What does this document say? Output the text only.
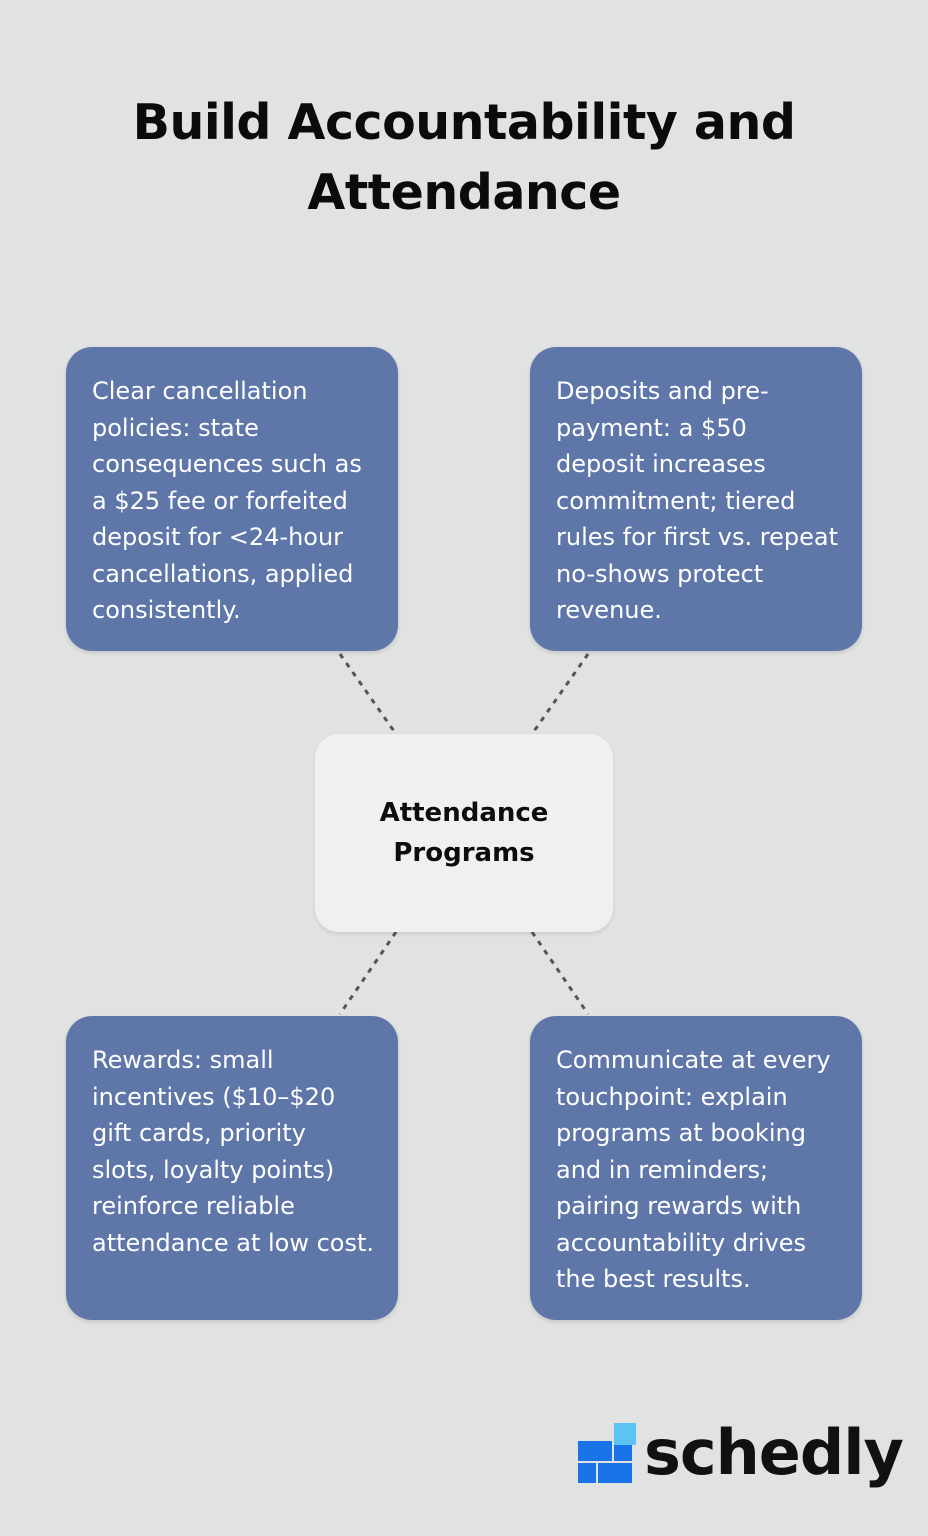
Build Accountability and
Attendance
Clear cancellation policies: state consequences such as a $25 fee or forfeited deposit for <24-hour cancellations, applied consistently.
Deposits and pre-payment: a $50 deposit increases commitment; tiered rules for first vs. repeat no-shows protect revenue.
Attendance
Programs
Rewards: small incentives ($10–$20 gift cards, priority slots, loyalty points) reinforce reliable attendance at low cost.
Communicate at every touchpoint: explain programs at booking and in reminders; pairing rewards with accountability drives the best results.
schedly
